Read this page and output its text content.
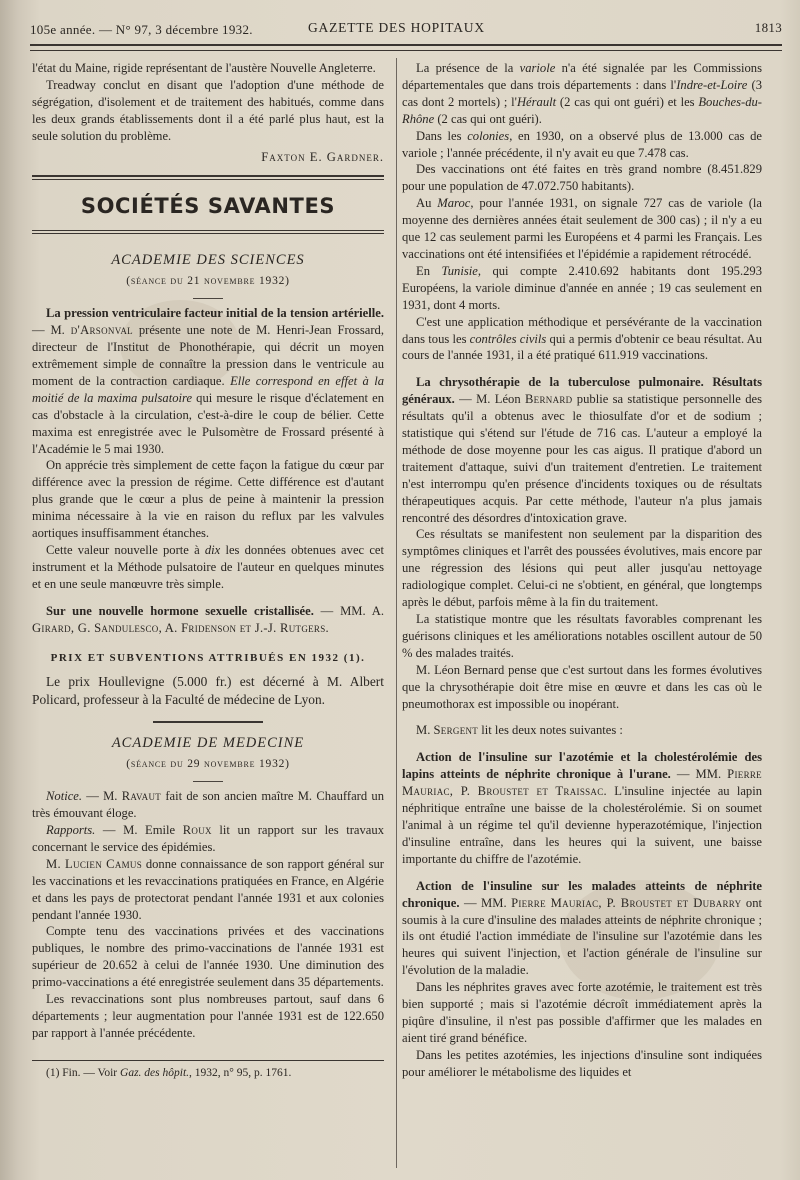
105e année. — N° 97, 3 décembre 1932.	GAZETTE DES HOPITAUX	1813

l'état du Maine, rigide représentant de l'austère Nouvelle Angleterre.

Treadway conclut en disant que l'adoption d'une méthode de ségrégation, d'isolement et de traitement des habitués, comme dans les deux grands établissements dont il a été parlé plus haut, est la seule solution du problème.

Faxton E. Gardner.

SOCIÉTÉS SAVANTES
ACADEMIE DES SCIENCES
(séance du 21 novembre 1932)

La pression ventriculaire facteur initial de la tension artérielle. — M. d'Arsonval présente une note de M. Henri-Jean Frossard, directeur de l'Institut de Phonothérapie, qui décrit un moyen extrêmement simple de connaître la pression dans le ventricule au moment de la contraction cardiaque. Elle correspond en effet à la moitié de la maxima pulsatoire qui mesure le risque d'éclatement en cas d'obstacle à la circulation, c'est-à-dire le coup de bélier. Cette maxima est enregistrée avec le Pulsomètre de Frossard présenté à l'Académie le 5 mai 1930.

On apprécie très simplement de cette façon la fatigue du cœur par différence avec la pression de régime. Cette différence est d'autant plus grande que le cœur a plus de peine à maintenir la pression minima nécessaire à la vie en raison du reflux par les valvules aortiques insuffisamment étanches.

Cette valeur nouvelle porte à dix les données obtenues avec cet instrument et la Méthode pulsatoire de l'auteur en quelques minutes et en une seule manœuvre très simple.

Sur une nouvelle hormone sexuelle cristallisée. — MM. A. Girard, G. Sandulesco, A. Fridenson et J.-J. Rutgers.

PRIX ET SUBVENTIONS ATTRIBUÉS EN 1932 (1).

Le prix Houllevigne (5.000 fr.) est décerné à M. Albert Policard, professeur à la Faculté de médecine de Lyon.

ACADEMIE DE MEDECINE
(séance du 29 novembre 1932)

Notice. — M. Ravaut fait de son ancien maître M. Chauffard un très émouvant éloge.

Rapports. — M. Emile Roux lit un rapport sur les travaux concernant le service des épidémies.

M. Lucien Camus donne connaissance de son rapport général sur les vaccinations et les revaccinations pratiquées en France, en Algérie et dans les pays de protectorat pendant l'année 1931 et aux colonies pendant l'année 1930.

Compte tenu des vaccinations privées et des vaccinations publiques, le nombre des primo-vaccinations de l'année 1931 est supérieur de 20.652 à celui de l'année 1930. Une diminution des primo-vaccinations a été enregistrée seulement dans 35 départements.

Les revaccinations sont plus nombreuses partout, sauf dans 6 départements ; leur augmentation pour l'année 1931 est de 122.650 par rapport à l'année précédente.

(1) Fin. — Voir Gaz. des hôpit., 1932, n° 95, p. 1761.

La présence de la variole n'a été signalée par les Commissions départementales que dans trois départements : dans l'Indre-et-Loire (3 cas dont 2 mortels) ; l'Hérault (2 cas qui ont guéri) et les Bouches-du-Rhône (2 cas qui ont guéri).

Dans les colonies, en 1930, on a observé plus de 13.000 cas de variole ; l'année précédente, il n'y avait eu que 7.478 cas.

Des vaccinations ont été faites en très grand nombre (8.451.829 pour une population de 47.072.750 habitants).

Au Maroc, pour l'année 1931, on signale 727 cas de variole (la moyenne des dernières années était seulement de 300 cas) ; il n'y a eu que 12 cas seulement parmi les Européens et 4 parmi les Français. Les vaccinations ont été intensifiées et l'épidémie a rapidement rétrocédé.

En Tunisie, qui compte 2.410.692 habitants dont 195.293 Européens, la variole diminue d'année en année ; 19 cas seulement en 1931, dont 4 morts.

C'est une application méthodique et persévérante de la vaccination dans tous les contrôles civils qui a permis d'obtenir ce beau résultat. Au cours de l'année 1931, il a été pratiqué 611.919 vaccinations.

La chrysothérapie de la tuberculose pulmonaire. Résultats généraux. — M. Léon Bernard publie sa statistique personnelle des résultats qu'il a obtenus avec le thiosulfate d'or et de sodium ; statistique qui s'étend sur l'étude de 716 cas. L'auteur a employé la méthode de dose moyenne pour les cas aigus. Il pratique d'abord un traitement d'attaque, suivi d'un traitement d'entretien. Le traitement n'est interrompu qu'en présence d'incidents toxiques ou de résultats thérapeutiques acquis. Par cette méthode, l'auteur n'a plus jamais rencontré des désordres d'intoxication grave.

Ces résultats se manifestent non seulement par la disparition des symptômes cliniques et l'arrêt des poussées évolutives, mais encore par une régression des lésions qui peut aller jusqu'au nettoyage radiologique complet. Celui-ci ne s'obtient, en général, que longtemps après le début, parfois même à la fin du traitement.

La statistique montre que les résultats favorables comprenant les guérisons cliniques et les améliorations notables oscillent autour de 50 % des malades traités.

M. Léon Bernard pense que c'est surtout dans les formes évolutives que la chrysothérapie doit être mise en œuvre et dans les cas où le pneumothorax est impossible ou inopérant.

M. Sergent lit les deux notes suivantes :

Action de l'insuline sur l'azotémie et la cholestérolémie des lapins atteints de néphrite chronique à l'urane. — MM. Pierre Mauriac, P. Broustet et Traissac. L'insuline injectée au lapin néphritique entraîne une baisse de la cholestérolémie. Si on soumet l'animal à un régime tel qu'il devienne hyperazotémique, l'injection d'insuline entraîne, dans les heures qui la suivent, une baisse importante du chiffre de l'azotémie.

Action de l'insuline sur les malades atteints de néphrite chronique. — MM. Pierre Mauriac, P. Broustet et Dubarry ont soumis à la cure d'insuline des malades atteints de néphrite chronique ; ils ont étudié l'action immédiate de l'insuline sur l'azotémie dans les heures qui suivent l'injection, et l'action générale de l'insuline sur l'évolution de la maladie.

Dans les néphrites graves avec forte azotémie, le traitement est très bien supporté ; mais si l'azotémie décroît immédiatement après la piqûre d'insuline, il n'est pas possible d'affirmer que les malades en aient tiré grand bénéfice.

Dans les petites azotémies, les injections d'insuline sont indiquées pour améliorer le métabolisme des liquides et
